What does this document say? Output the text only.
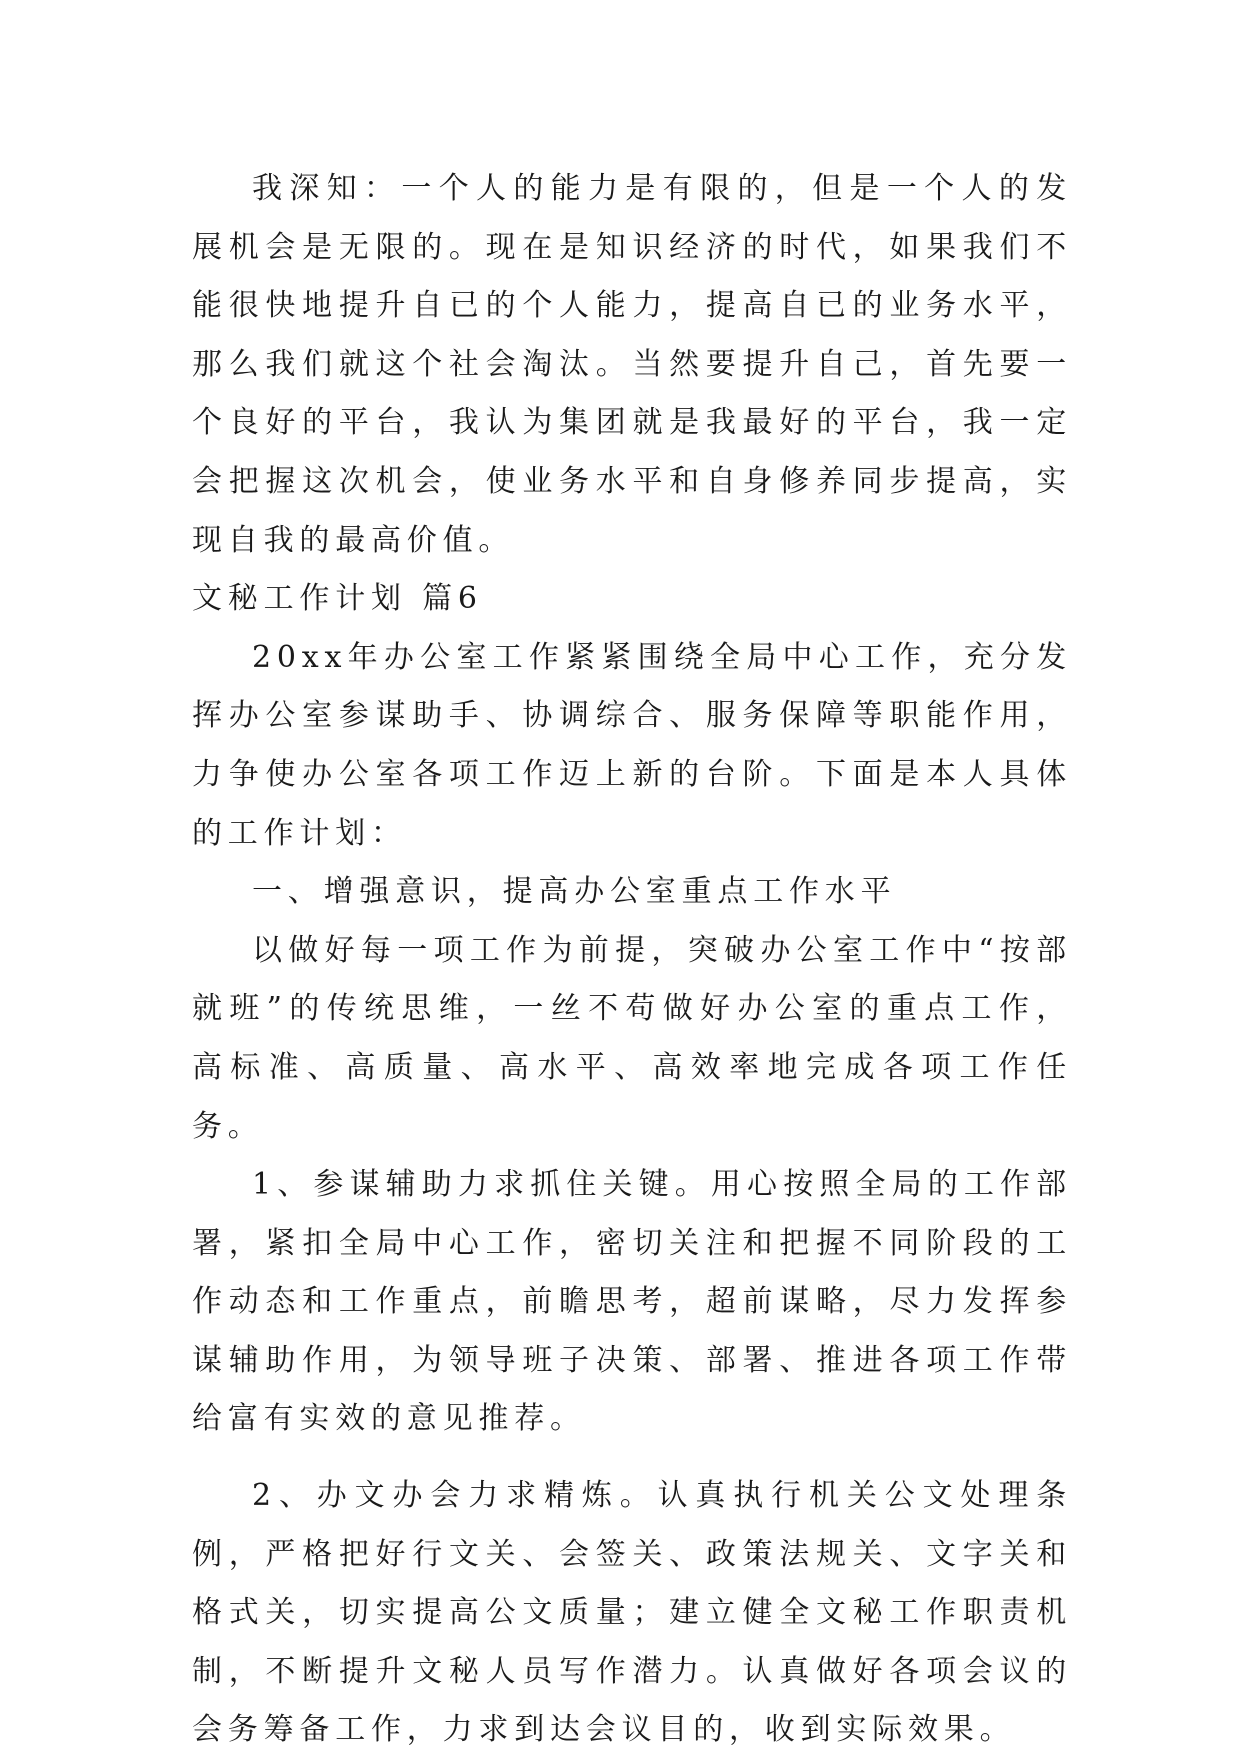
我深知：一个人的能力是有限的，但是一个人的发展机会是无限的。现在是知识经济的时代，如果我们不能很快地提升自已的个人能力，提高自已的业务水平，那么我们就这个社会淘汰。当然要提升自己，首先要一个良好的平台，我认为集团就是我最好的平台，我一定会把握这次机会，使业务水平和自身修养同步提高，实现自我的最高价值。

文秘工作计划 篇6

20xx年办公室工作紧紧围绕全局中心工作，充分发挥办公室参谋助手、协调综合、服务保障等职能作用，力争使办公室各项工作迈上新的台阶。下面是本人具体的工作计划：

一、增强意识，提高办公室重点工作水平

以做好每一项工作为前提，突破办公室工作中“按部就班”的传统思维，一丝不苟做好办公室的重点工作，高标准、高质量、高水平、高效率地完成各项工作任务。

1、参谋辅助力求抓住关键。用心按照全局的工作部署，紧扣全局中心工作，密切关注和把握不同阶段的工作动态和工作重点，前瞻思考，超前谋略，尽力发挥参谋辅助作用，为领导班子决策、部署、推进各项工作带给富有实效的意见推荐。

2、办文办会力求精炼。认真执行机关公文处理条例，严格把好行文关、会签关、政策法规关、文字关和格式关，切实提高公文质量；建立健全文秘工作职责机制，不断提升文秘人员写作潜力。认真做好各项会议的会务筹备工作，力求到达会议目的，收到实际效果。
